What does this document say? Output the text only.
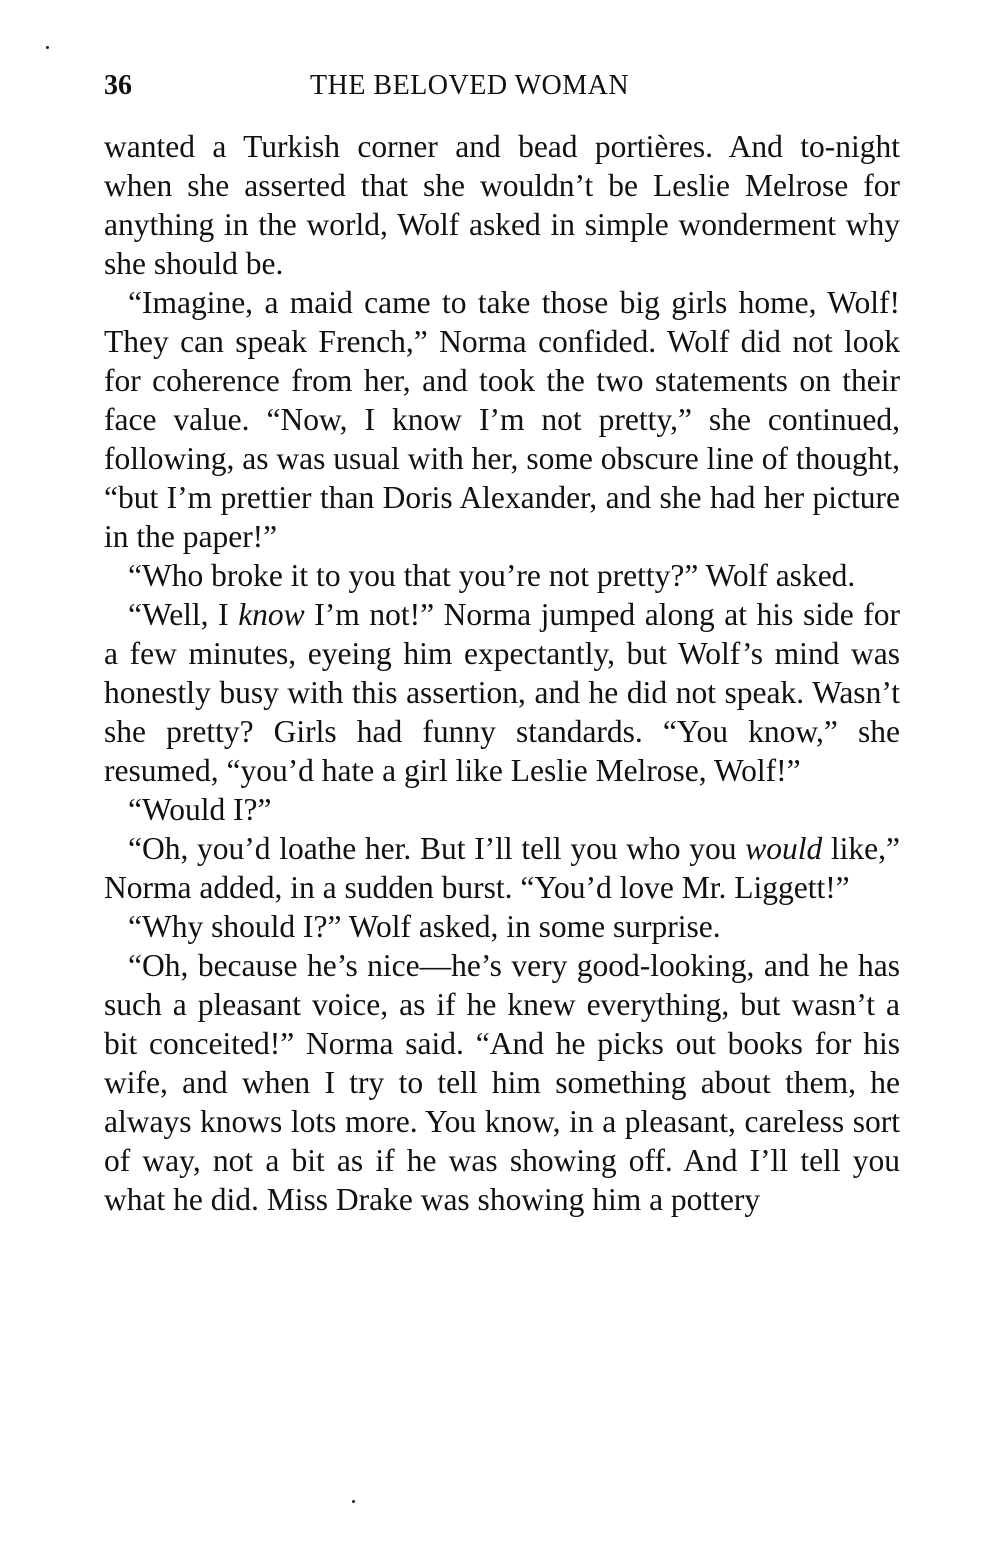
36	THE BELOVED WOMAN

wanted a Turkish corner and bead portières. And to-night when she asserted that she wouldn’t be Leslie Melrose for anything in the world, Wolf asked in simple wonderment why she should be.

“Imagine, a maid came to take those big girls home, Wolf! They can speak French,” Norma confided. Wolf did not look for coherence from her, and took the two statements on their face value. “Now, I know I’m not pretty,” she continued, following, as was usual with her, some obscure line of thought, “but I’m prettier than Doris Alexander, and she had her picture in the paper!”

“Who broke it to you that you’re not pretty?” Wolf asked.

“Well, I know I’m not!” Norma jumped along at his side for a few minutes, eyeing him expectantly, but Wolf’s mind was honestly busy with this assertion, and he did not speak. Wasn’t she pretty? Girls had funny standards. “You know,” she resumed, “you’d hate a girl like Leslie Melrose, Wolf!”

“Would I?”

“Oh, you’d loathe her. But I’ll tell you who you would like,” Norma added, in a sudden burst. “You’d love Mr. Liggett!”

“Why should I?” Wolf asked, in some surprise.

“Oh, because he’s nice—he’s very good-looking, and he has such a pleasant voice, as if he knew everything, but wasn’t a bit conceited!” Norma said. “And he picks out books for his wife, and when I try to tell him something about them, he always knows lots more. You know, in a pleasant, careless sort of way, not a bit as if he was showing off. And I’ll tell you what he did. Miss Drake was showing him a pottery
